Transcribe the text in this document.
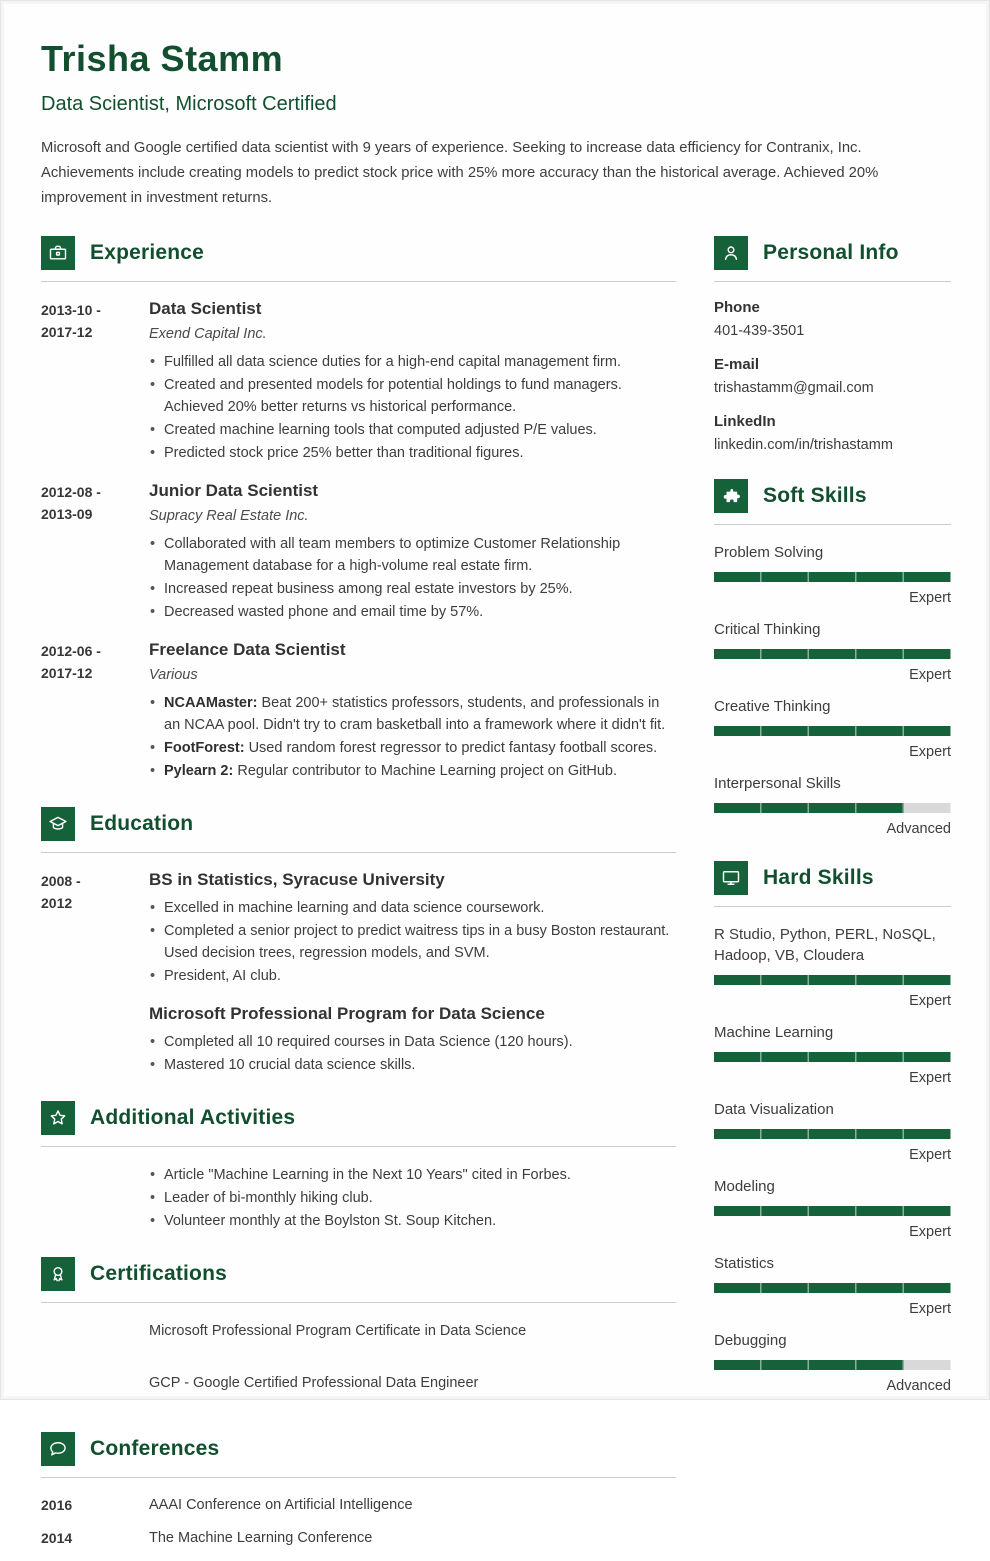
Trisha Stamm
Data Scientist, Microsoft Certified

Microsoft and Google certified data scientist with 9 years of experience. Seeking to increase data efficiency for Contranix, Inc. Achievements include creating models to predict stock price with 25% more accuracy than the historical average. Achieved 20% improvement in investment returns.

Experience
2013-10 -
2017-12
Data Scientist
Exend Capital Inc.
• Fulfilled all data science duties for a high-end capital management firm.
• Created and presented models for potential holdings to fund managers. Achieved 20% better returns vs historical performance.
• Created machine learning tools that computed adjusted P/E values.
• Predicted stock price 25% better than traditional figures.
2012-08 -
2013-09
Junior Data Scientist
Supracy Real Estate Inc.
• Collaborated with all team members to optimize Customer Relationship Management database for a high-volume real estate firm.
• Increased repeat business among real estate investors by 25%.
• Decreased wasted phone and email time by 57%.
2012-06 -
2017-12
Freelance Data Scientist
Various
• NCAAMaster: Beat 200+ statistics professors, students, and professionals in an NCAA pool. Didn't try to cram basketball into a framework where it didn't fit.
• FootForest: Used random forest regressor to predict fantasy football scores.
• Pylearn 2: Regular contributor to Machine Learning project on GitHub.
Education
2008 -
2012
BS in Statistics, Syracuse University
• Excelled in machine learning and data science coursework.
• Completed a senior project to predict waitress tips in a busy Boston restaurant. Used decision trees, regression models, and SVM.
• President, AI club.
Microsoft Professional Program for Data Science
• Completed all 10 required courses in Data Science (120 hours).
• Mastered 10 crucial data science skills.
Additional Activities
• Article "Machine Learning in the Next 10 Years" cited in Forbes.
• Leader of bi-monthly hiking club.
• Volunteer monthly at the Boylston St. Soup Kitchen.
Certifications
Microsoft Professional Program Certificate in Data Science
GCP - Google Certified Professional Data Engineer
Conferences
2016	AAAI Conference on Artificial Intelligence
2014	The Machine Learning Conference
Personal Info
Phone
401-439-3501
E-mail
trishastamm@gmail.com
LinkedIn
linkedin.com/in/trishastamm
Soft Skills
Problem Solving
Expert
Critical Thinking
Expert
Creative Thinking
Expert
Interpersonal Skills
Advanced
Hard Skills
R Studio, Python, PERL, NoSQL, Hadoop, VB, Cloudera
Expert
Machine Learning
Expert
Data Visualization
Expert
Modeling
Expert
Statistics
Expert
Debugging
Advanced
